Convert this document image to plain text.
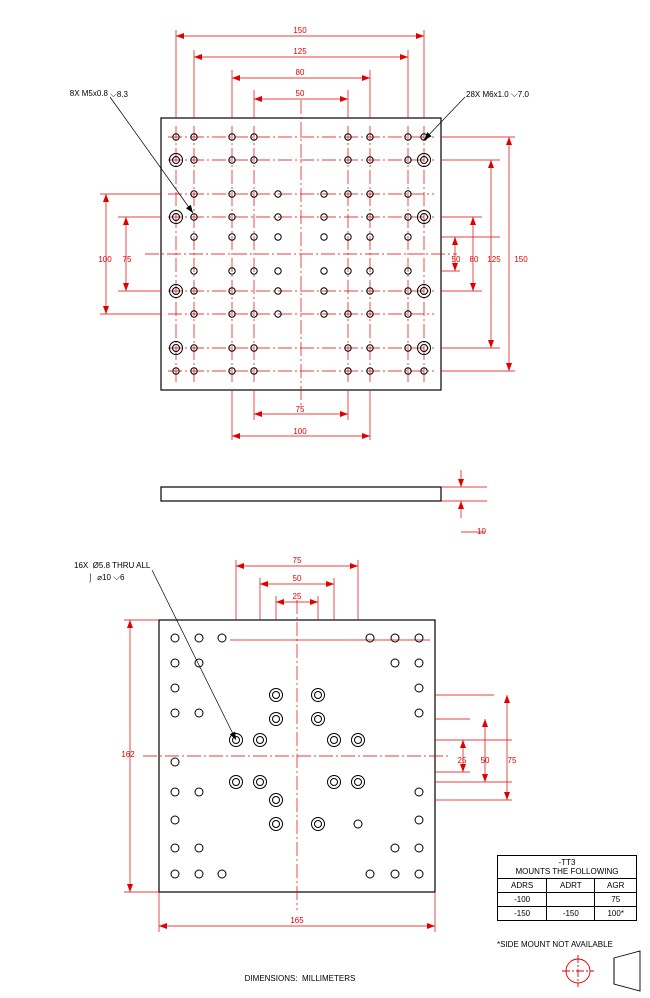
8X M5x0.8 ⌵8.3	28X M6x1.0 ⌵7.0
150
125
80
50
100 75	50 80 125 150
75
100
10
16X  Ø5.8 THRU ALL
⌡  ⌀10 ⌵6
75
50
25
162
25 50 75
165
DIMENSIONS:  MILLIMETERS
-TT3		
MOUNTS THE FOLLOWING		
ADRS	ADRT	AGR
-100		75
-150	-150	100*
*SIDE MOUNT NOT AVAILABLE
